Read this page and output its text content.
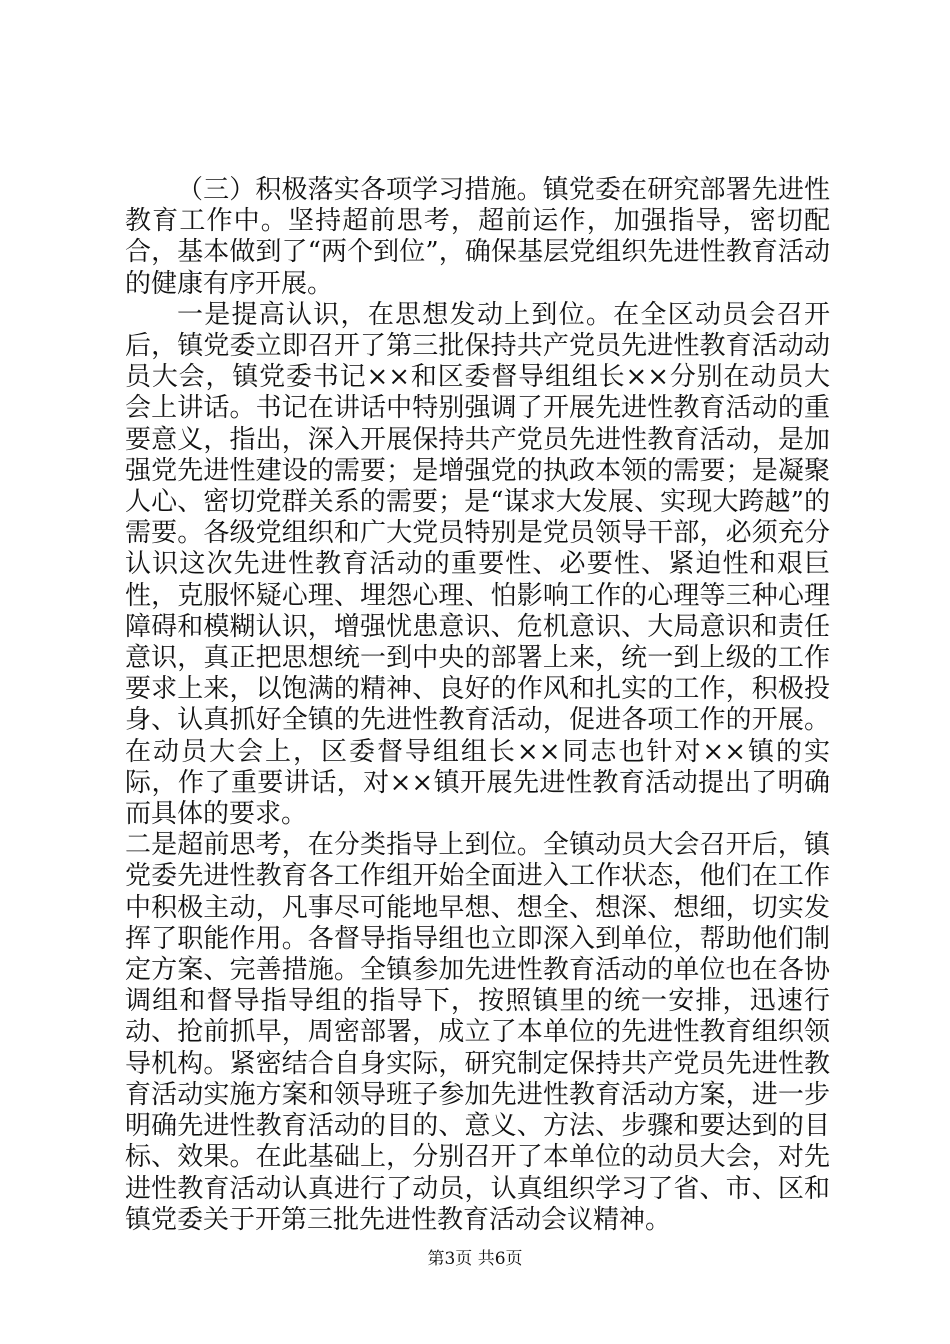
（三）积极落实各项学习措施。镇党委在研究部署先进性教育工作中。坚持超前思考，超前运作，加强指导，密切配合，基本做到了“两个到位”，确保基层党组织先进性教育活动的健康有序开展。

一是提高认识，在思想发动上到位。在全区动员会召开后，镇党委立即召开了第三批保持共产党员先进性教育活动动员大会，镇党委书记××和区委督导组组长××分别在动员大会上讲话。书记在讲话中特别强调了开展先进性教育活动的重要意义，指出，深入开展保持共产党员先进性教育活动，是加强党先进性建设的需要；是增强党的执政本领的需要；是凝聚人心、密切党群关系的需要；是“谋求大发展、实现大跨越”的需要。各级党组织和广大党员特别是党员领导干部，必须充分认识这次先进性教育活动的重要性、必要性、紧迫性和艰巨性，克服怀疑心理、埋怨心理、怕影响工作的心理等三种心理障碍和模糊认识，增强忧患意识、危机意识、大局意识和责任意识，真正把思想统一到中央的部署上来，统一到上级的工作要求上来，以饱满的精神、良好的作风和扎实的工作，积极投身、认真抓好全镇的先进性教育活动，促进各项工作的开展。在动员大会上，区委督导组组长××同志也针对××镇的实际，作了重要讲话，对××镇开展先进性教育活动提出了明确而具体的要求。

二是超前思考，在分类指导上到位。全镇动员大会召开后，镇党委先进性教育各工作组开始全面进入工作状态，他们在工作中积极主动，凡事尽可能地早想、想全、想深、想细，切实发挥了职能作用。各督导指导组也立即深入到单位，帮助他们制定方案、完善措施。全镇参加先进性教育活动的单位也在各协调组和督导指导组的指导下，按照镇里的统一安排，迅速行动、抢前抓早，周密部署，成立了本单位的先进性教育组织领导机构。紧密结合自身实际，研究制定保持共产党员先进性教育活动实施方案和领导班子参加先进性教育活动方案，进一步明确先进性教育活动的目的、意义、方法、步骤和要达到的目标、效果。在此基础上，分别召开了本单位的动员大会，对先进性教育活动认真进行了动员，认真组织学习了省、市、区和镇党委关于开第三批先进性教育活动会议精神。

第3页 共6页
